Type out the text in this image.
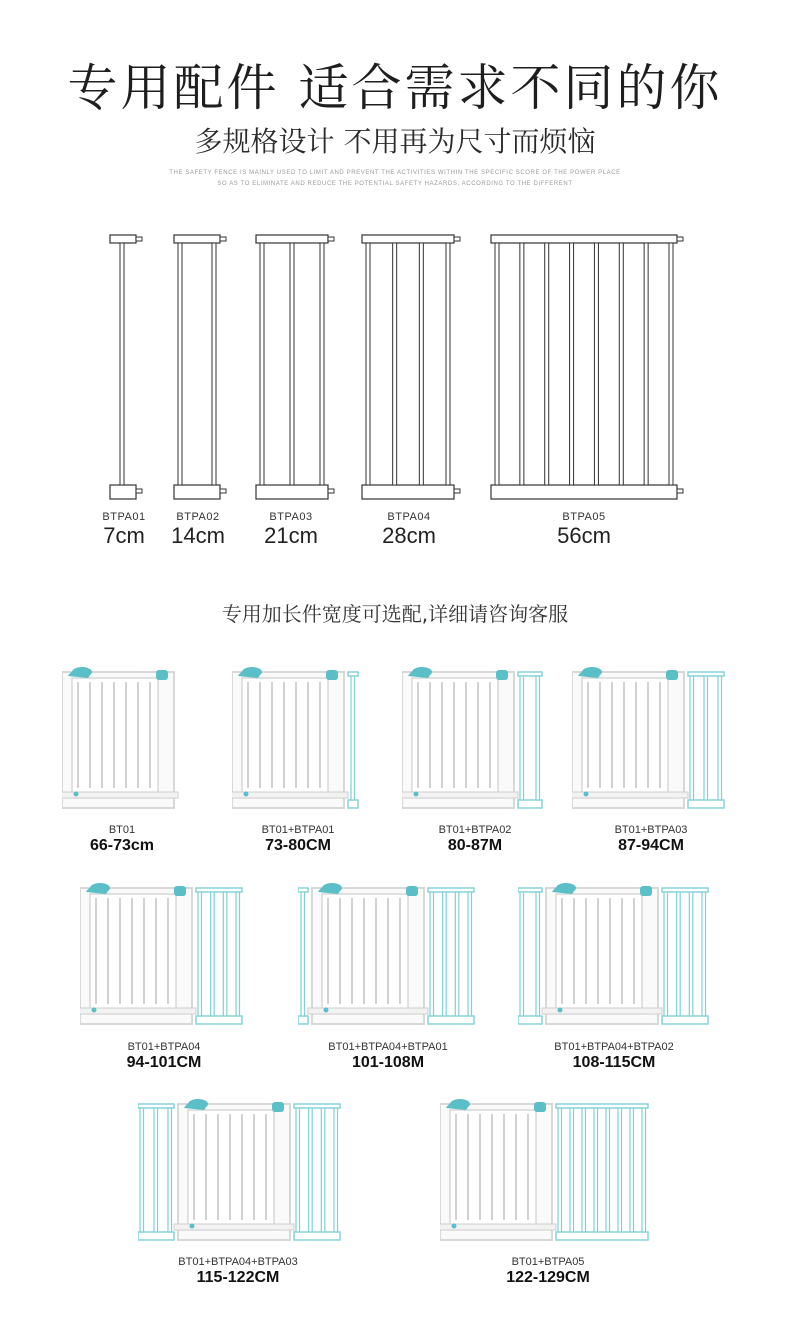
专用配件 适合需求不同的你
多规格设计 不用再为尺寸而烦恼
THE SAFETY FENCE IS MAINLY USED TO LIMIT AND PREVENT THE ACTIVITIES WITHIN THE SPECIFIC SCORE OF THE POWER PLACE
SO AS TO ELIMINATE AND REDUCE THE POTENTIAL SAFETY HAZARDS, ACCORDING TO THE DIFFERENT
BTPA01
7cm
BTPA02
14cm
BTPA03
21cm
BTPA04
28cm
BTPA05
56cm
专用加长件宽度可选配,详细请咨询客服
BT01
66-73cm
BT01+BTPA01
73-80CM
BT01+BTPA02
80-87M
BT01+BTPA03
87-94CM
BT01+BTPA04
94-101CM
BT01+BTPA04+BTPA01
101-108M
BT01+BTPA04+BTPA02
108-115CM
BT01+BTPA04+BTPA03
115-122CM
BT01+BTPA05
122-129CM
